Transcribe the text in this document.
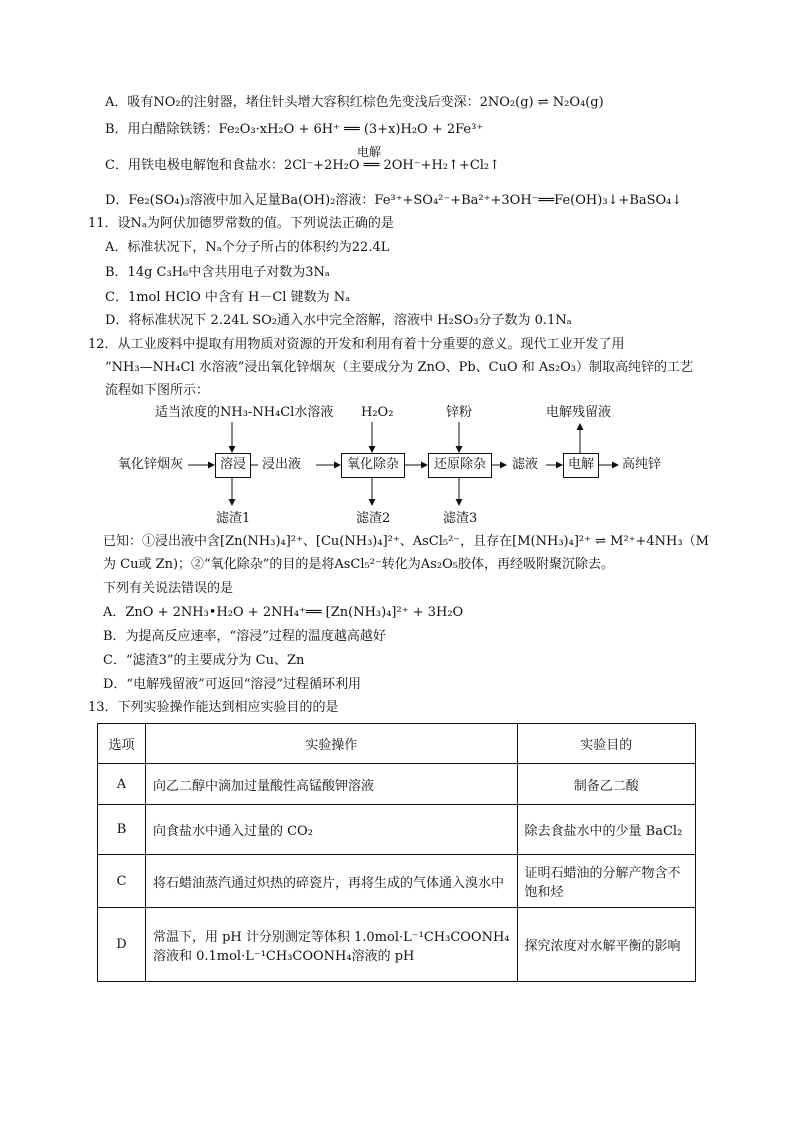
A．吸有NO₂的注射器，堵住针头增大容积红棕色先变浅后变深：2NO₂(g) ⇌ N₂O₄(g)
B．用白醋除铁锈：Fe₂O₃·xH₂O + 6H⁺ ══ (3+x)H₂O + 2Fe³⁺
电解
C．用铁电极电解饱和食盐水：2Cl⁻+2H₂O ══ 2OH⁻+H₂↑+Cl₂↑
D．Fe₂(SO₄)₃溶液中加入足量Ba(OH)₂溶液：Fe³⁺+SO₄²⁻+Ba²⁺+3OH⁻══Fe(OH)₃↓+BaSO₄↓
11．设Nₐ为阿伏加德罗常数的值。下列说法正确的是
A．标准状况下，Nₐ个分子所占的体积约为22.4L
B．14g C₃H₆中含共用电子对数为3Nₐ
C．1mol HClO 中含有 H－Cl 键数为 Nₐ
D．将标准状况下 2.24L SO₂通入水中完全溶解，溶液中 H₂SO₃分子数为 0.1Nₐ
12．从工业废料中提取有用物质对资源的开发和利用有着十分重要的意义。现代工业开发了用
“NH₃—NH₄Cl 水溶液”浸出氧化锌烟灰（主要成分为 ZnO、Pb、CuO 和 As₂O₃）制取高纯锌的工艺
流程如下图所示：
适当浓度的NH₃-NH₄Cl水溶液 H₂O₂	锌粉	电解残留液
氧化锌烟灰	溶浸	浸出液	氧化除杂	还原除杂	滤液	电解	高纯锌
滤渣1	滤渣2	滤渣3
已知：①浸出液中含[Zn(NH₃)₄]²⁺、[Cu(NH₃)₄]²⁺、AsCl₅²⁻，且存在[M(NH₃)₄]²⁺ ⇌ M²⁺+4NH₃（M
为 Cu或 Zn)；②“氧化除杂”的目的是将AsCl₅²⁻转化为As₂O₅胶体，再经吸附聚沉除去。
下列有关说法错误的是
A．ZnO + 2NH₃•H₂O + 2NH₄⁺══ [Zn(NH₃)₄]²⁺ + 3H₂O
B．为提高反应速率，“溶浸”过程的温度越高越好
C．“滤渣3”的主要成分为 Cu、Zn
D．“电解残留液”可返回“溶浸”过程循环利用
13．下列实验操作能达到相应实验目的的是
选项	实验操作	实验目的
A	向乙二醇中滴加过量酸性高锰酸钾溶液	制备乙二酸
B	向食盐水中通入过量的 CO₂	除去食盐水中的少量 BaCl₂
C	将石蜡油蒸汽通过炽热的碎瓷片，再将生成的气体通入溴水中	证明石蜡油的分解产物含不饱和烃
D	常温下，用 pH 计分别测定等体积 1.0mol·L⁻¹CH₃COONH₄溶液和 0.1mol·L⁻¹CH₃COONH₄溶液的 pH	探究浓度对水解平衡的影响
